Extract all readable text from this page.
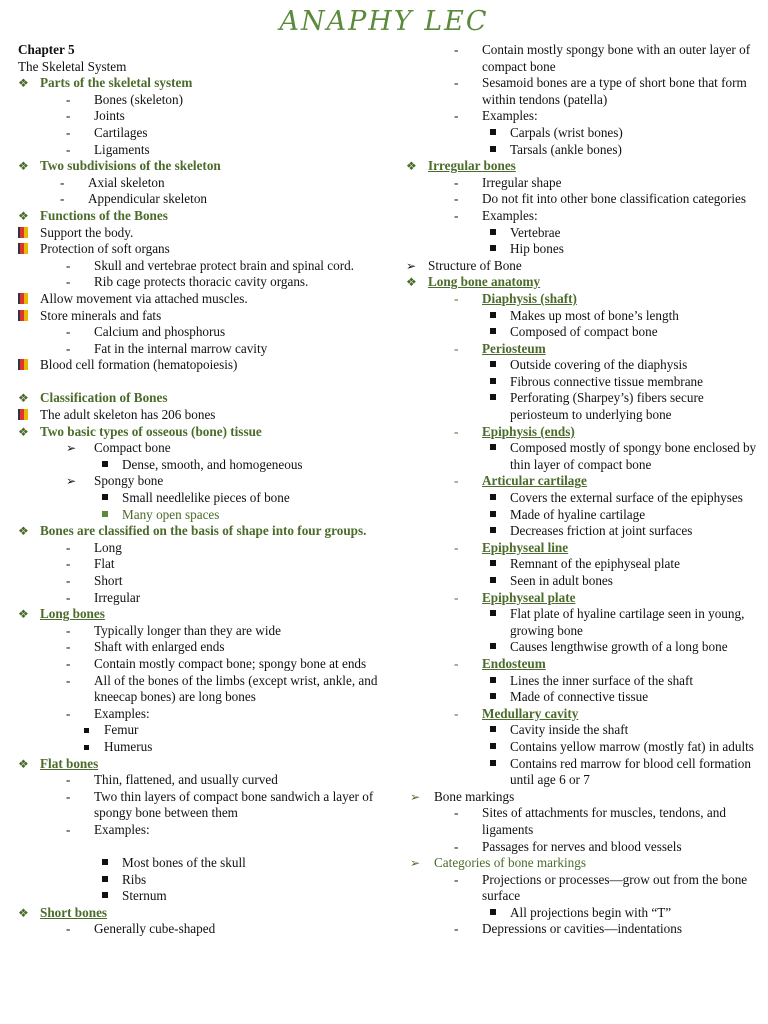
ANAPHY LEC
Chapter 5
The Skeletal System
❖ Parts of the skeletal system
- Bones (skeleton)
- Joints
- Cartilages
- Ligaments
❖ Two subdivisions of the skeleton
- Axial skeleton
- Appendicular skeleton
❖ Functions of the Bones
Support the body.
Protection of soft organs
- Skull and vertebrae protect brain and spinal cord.
- Rib cage protects thoracic cavity organs.
Allow movement via attached muscles.
Store minerals and fats
- Calcium and phosphorus
- Fat in the internal marrow cavity
Blood cell formation (hematopoiesis)
❖ Classification of Bones
The adult skeleton has 206 bones
❖ Two basic types of osseous (bone) tissue
➢ Compact bone
Dense, smooth, and homogeneous
➢ Spongy bone
Small needlelike pieces of bone
Many open spaces
❖ Bones are classified on the basis of shape into four groups.
- Long
- Flat
- Short
- Irregular
❖ Long bones
- Typically longer than they are wide
- Shaft with enlarged ends
- Contain mostly compact bone; spongy bone at ends
- All of the bones of the limbs (except wrist, ankle, and kneecap bones) are long bones
- Examples:
Femur
Humerus
❖ Flat bones
- Thin, flattened, and usually curved
- Two thin layers of compact bone sandwich a layer of spongy bone between them
- Examples:
Most bones of the skull
Ribs
Sternum
❖ Short bones
- Generally cube-shaped
- Contain mostly spongy bone with an outer layer of compact bone
- Sesamoid bones are a type of short bone that form within tendons (patella)
- Examples:
Carpals (wrist bones)
Tarsals (ankle bones)
❖ Irregular bones
- Irregular shape
- Do not fit into other bone classification categories
- Examples:
Vertebrae
Hip bones
➢ Structure of Bone
❖ Long bone anatomy
- Diaphysis (shaft)
Makes up most of bone’s length
Composed of compact bone
- Periosteum
Outside covering of the diaphysis
Fibrous connective tissue membrane
Perforating (Sharpey’s) fibers secure periosteum to underlying bone
- Epiphysis (ends)
Composed mostly of spongy bone enclosed by thin layer of compact bone
- Articular cartilage
Covers the external surface of the epiphyses
Made of hyaline cartilage
Decreases friction at joint surfaces
- Epiphyseal line
Remnant of the epiphyseal plate
Seen in adult bones
- Epiphyseal plate
Flat plate of hyaline cartilage seen in young, growing bone
Causes lengthwise growth of a long bone
- Endosteum
Lines the inner surface of the shaft
Made of connective tissue
- Medullary cavity
Cavity inside the shaft
Contains yellow marrow (mostly fat) in adults
Contains red marrow for blood cell formation until age 6 or 7
➢ Bone markings
- Sites of attachments for muscles, tendons, and ligaments
- Passages for nerves and blood vessels
➢ Categories of bone markings
- Projections or processes—grow out from the bone surface
All projections begin with “T”
- Depressions or cavities—indentations
